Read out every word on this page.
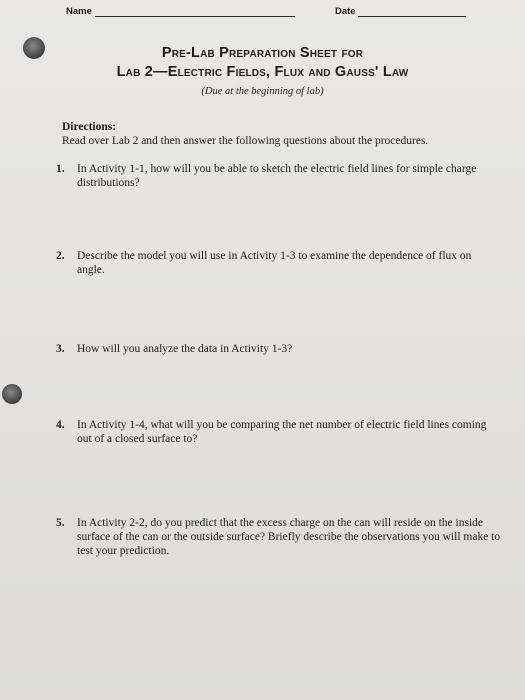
Name	Date
Pre-Lab Preparation Sheet for
Lab 2—Electric Fields, Flux and Gauss' Law
(Due at the beginning of lab)
Directions:
Read over Lab 2 and then answer the following questions about the procedures.
1. In Activity 1-1, how will you be able to sketch the electric field lines for simple charge distributions?
2. Describe the model you will use in Activity 1-3 to examine the dependence of flux on angle.
3. How will you analyze the data in Activity 1-3?
4. In Activity 1-4, what will you be comparing the net number of electric field lines coming out of a closed surface to?
5. In Activity 2-2, do you predict that the excess charge on the can will reside on the inside surface of the can or the outside surface? Briefly describe the observations you will make to test your prediction.
